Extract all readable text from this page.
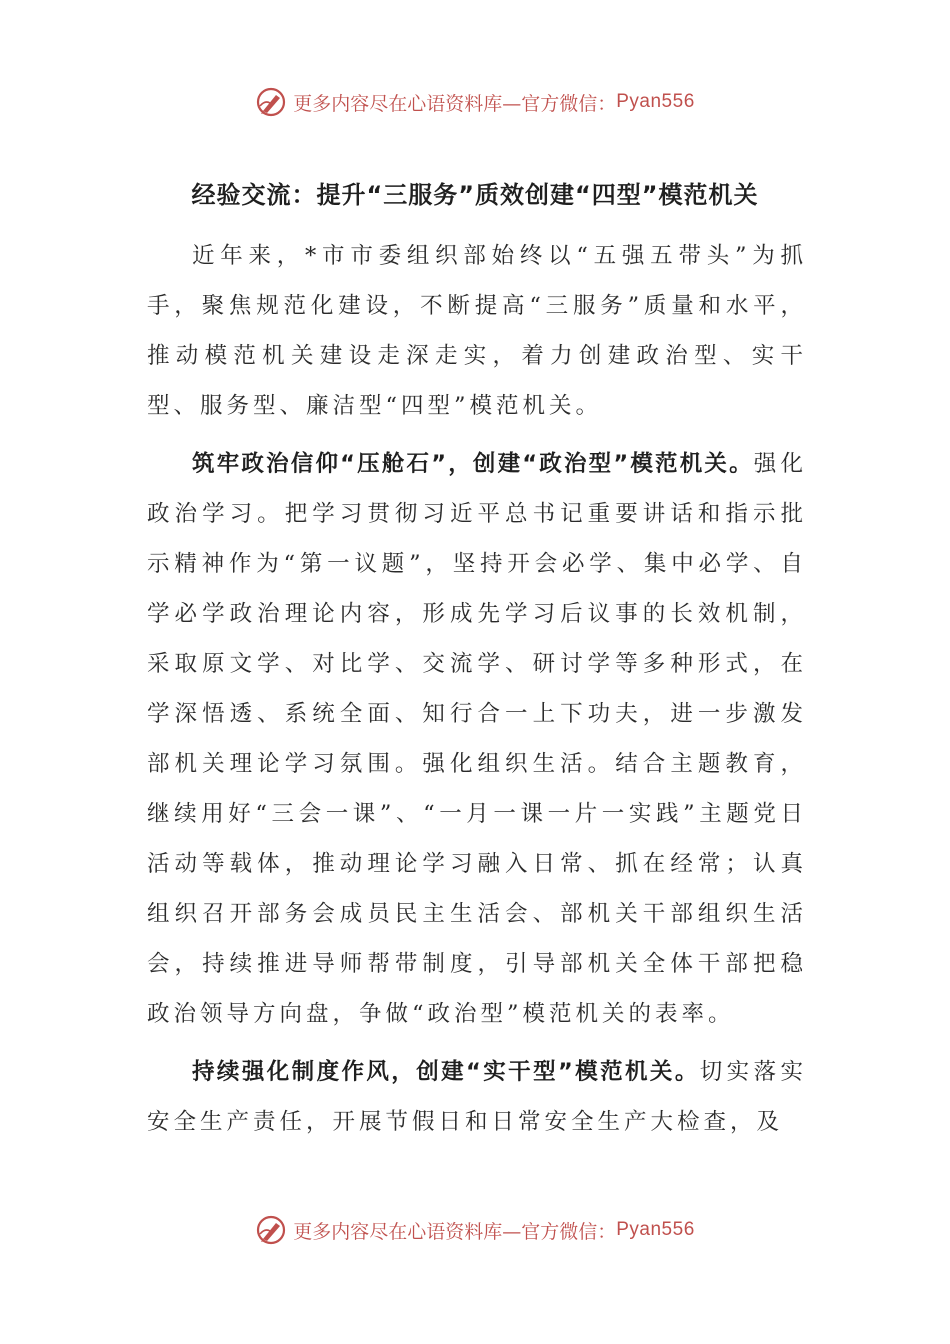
更多内容尽在心语资料库—官方微信： Pyan556
经验交流：提升“三服务”质效创建“四型”模范机关

近年来，*市市委组织部始终以“五强五带头”为抓手，聚焦规范化建设，不断提高“三服务”质量和水平，推动模范机关建设走深走实，着力创建政治型、实干型、服务型、廉洁型“四型”模范机关。

筑牢政治信仰“压舱石”，创建“政治型”模范机关。强化政治学习。把学习贯彻习近平总书记重要讲话和指示批示精神作为“第一议题”，坚持开会必学、集中必学、自学必学政治理论内容，形成先学习后议事的长效机制，采取原文学、对比学、交流学、研讨学等多种形式，在学深悟透、系统全面、知行合一上下功夫，进一步激发部机关理论学习氛围。强化组织生活。结合主题教育，继续用好“三会一课”、“一月一课一片一实践”主题党日活动等载体，推动理论学习融入日常、抓在经常；认真组织召开部务会成员民主生活会、部机关干部组织生活会，持续推进导师帮带制度，引导部机关全体干部把稳政治领导方向盘，争做“政治型”模范机关的表率。

持续强化制度作风，创建“实干型”模范机关。切实落实安全生产责任，开展节假日和日常安全生产大检查，及

更多内容尽在心语资料库—官方微信： Pyan556
